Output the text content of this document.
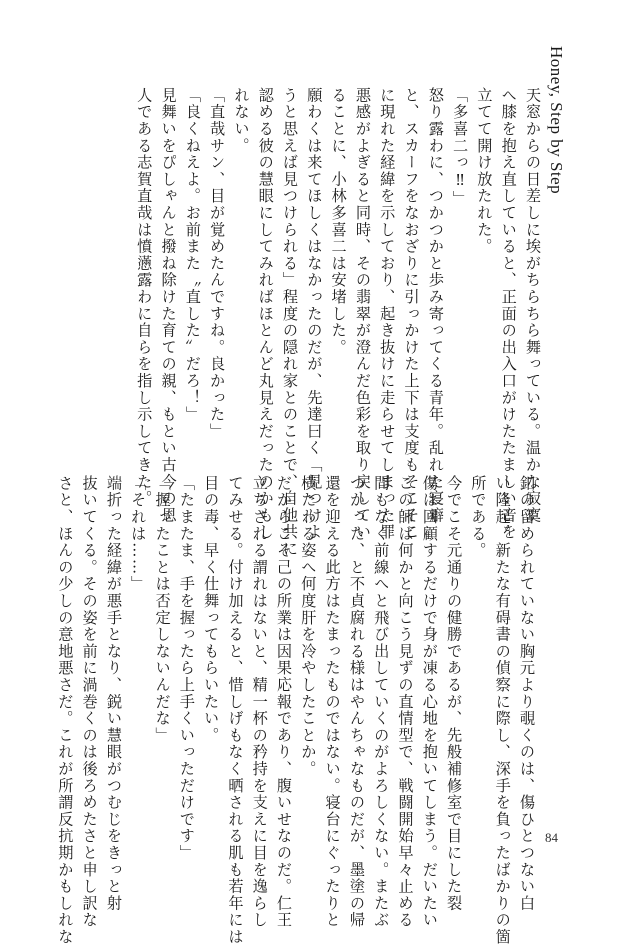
Honey, Step by Step
天窓からの日差しに埃がちらちら舞っている。温かな寂寞
へ膝を抱え直していると、正面の出入口がけたたましい音を
立てて開け放たれた。
「多喜二っ‼」
怒り露わに、つかつかと歩み寄ってくる青年。乱れた寝癖
と、スカーフをなおざりに引っかけた上下は支度もそこそこ
に現れた経緯を示しており、起き抜けに走らせてしまった罪
悪感がよぎると同時、その翡翠が澄んだ色彩を取り戻してい
ることに、小林多喜二は安堵した。
願わくは来てほしくはなかったのだが、先達曰く「見つけよ
うと思えば見つけられる」程度の隠れ家とのことで、自他共に
認める彼の慧眼にしてみればほとんど丸見えだったのかもし
れない。
「直哉サン、目が覚めたんですね。良かった」
「良くねえよ。お前また〝直した〟だろ！」
見舞いをぴしゃんと撥ね除けた育ての親、もとい古今の恩
人である志賀直哉は憤懣露わに自らを指し示してきた。
釦の留められていない胸元より覗くのは、傷ひとつない白
い隆起。新たな有碍書の偵察に際し、深手を負ったばかりの箇
所である。
今でこそ元通りの健勝であるが、先般補修室で目にした裂
傷は回顧するだけで身が凍る心地を抱いてしまう。だいたい
この師は何かと向こう見ずの直情型で、戦闘開始早々止める
間もなく前線へと飛び出していくのがよろしくない。またぶ
つかった、と不貞腐れる様はやんちゃなものだが、墨塗の帰
還を迎える此方はたまったものではない。寝台にぐったりと
横たわる姿へ何度肝を冷やしたことか。
だからこそ己の所業は因果応報であり、腹いせなのだ。仁王
立ちされる謂れはないと、精一杯の矜持を支えに目を逸らし
てみせる。付け加えると、惜しげもなく晒される肌も若年には
目の毒、早く仕舞ってもらいたい。
「たまたま、手を握ったら上手くいっただけです」
「握ったことは否定しないんだな」
「それは……」
端折った経緯が悪手となり、鋭い慧眼がつむじをきっと射
抜いてくる。その姿を前に渦巻くのは後ろめたさと申し訳な
さと、ほんの少しの意地悪さだ。これが所謂反抗期かもしれな	84
